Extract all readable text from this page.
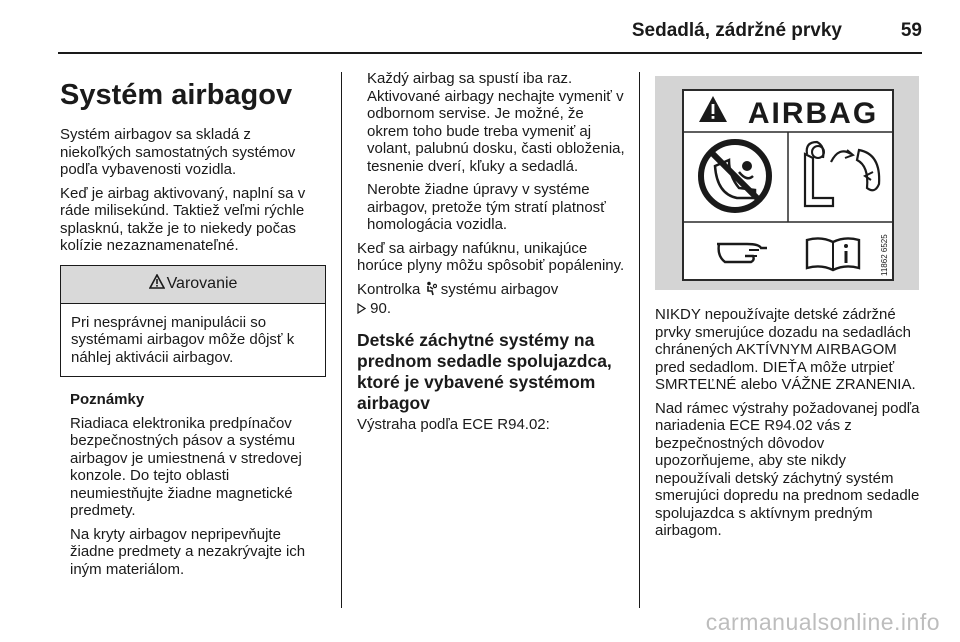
Sedadlá, zádržné prvky	59
Systém airbagov

Systém airbagov sa skladá z niekoľkých samostatných systémov podľa vybavenosti vozidla.

Keď je airbag aktivovaný, naplní sa v ráde milisekúnd. Taktiež veľmi rýchle splasknú, takže je to niekedy počas kolízie nezaznamenateľné.

Varovanie

Pri nesprávnej manipulácii so systémami airbagov môže dôjsť k náhlej aktivácii airbagov.

Poznámky

Riadiaca elektronika predpínačov bezpečnostných pásov a systému airbagov je umiestnená v stredovej konzole. Do tejto oblasti neumiestňujte žiadne magnetické predmety.

Na kryty airbagov nepripevňujte žiadne predmety a nezakrývajte ich iným materiálom.

Každý airbag sa spustí iba raz. Aktivované airbagy nechajte vymeniť v odbornom servise. Je možné, že okrem toho bude treba vymeniť aj volant, palubnú dosku, časti obloženia, tesnenie dverí, kľuky a sedadlá.

Nerobte žiadne úpravy v systéme airbagov, pretože tým stratí platnosť homologácia vozidla.

Keď sa airbagy nafúknu, unikajúce horúce plyny môžu spôsobiť popáleniny.

Kontrolka systému airbagov
90.

Detské záchytné systémy na prednom sedadle spolujazdca, ktoré je vybavené systémom airbagov

Výstraha podľa ECE R94.02:

AIRBAG
11862 6525

NIKDY nepoužívajte detské zádržné prvky smerujúce dozadu na sedadlách chránených AKTÍVNYM AIRBAGOM pred sedadlom. DIEŤA môže utrpieť SMRTEĽNÉ alebo VÁŽNE ZRANENIA.

Nad rámec výstrahy požadovanej podľa nariadenia ECE R94.02 vás z bezpečnostných dôvodov upozorňujeme, aby ste nikdy nepoužívali detský záchytný systém smerujúci dopredu na prednom sedadle spolujazdca s aktívnym predným airbagom.

carmanualsonline.info
